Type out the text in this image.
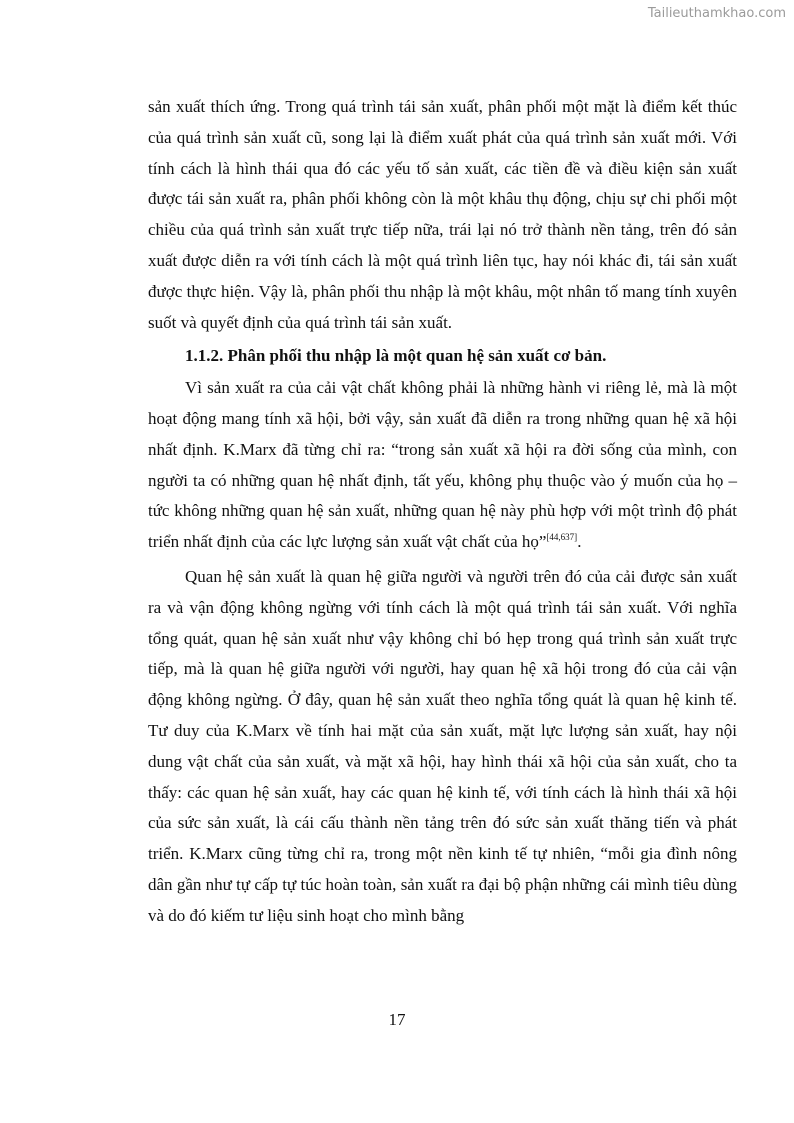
Tailieuthamkhao.com

sản xuất thích ứng. Trong quá trình tái sản xuất, phân phối một mặt là điểm kết thúc của quá trình sản xuất cũ, song lại là điểm xuất phát của quá trình sản xuất mới. Với tính cách là hình thái qua đó các yếu tố sản xuất, các tiền đề và điều kiện sản xuất được tái sản xuất ra, phân phối không còn là một khâu thụ động, chịu sự chi phối một chiều của quá trình sản xuất trực tiếp nữa, trái lại nó trở thành nền tảng, trên đó sản xuất được diễn ra với tính cách là một quá trình liên tục, hay nói khác đi, tái sản xuất được thực hiện. Vậy là, phân phối thu nhập là một khâu, một nhân tố mang tính xuyên suốt và quyết định của quá trình tái sản xuất.

1.1.2. Phân phối thu nhập là một quan hệ sản xuất cơ bản.

Vì sản xuất ra của cải vật chất không phải là những hành vi riêng lẻ, mà là một hoạt động mang tính xã hội, bởi vậy, sản xuất đã diễn ra trong những quan hệ xã hội nhất định. K.Marx đã từng chỉ ra: “trong sản xuất xã hội ra đời sống của mình, con người ta có những quan hệ nhất định, tất yếu, không phụ thuộc vào ý muốn của họ – tức không những quan hệ sản xuất, những quan hệ này phù hợp với một trình độ phát triển nhất định của các lực lượng sản xuất vật chất của họ”[44,637].

Quan hệ sản xuất là quan hệ giữa người và người trên đó của cải được sản xuất ra và vận động không ngừng với tính cách là một quá trình tái sản xuất. Với nghĩa tổng quát, quan hệ sản xuất như vậy không chỉ bó hẹp trong quá trình sản xuất trực tiếp, mà là quan hệ giữa người với người, hay quan hệ xã hội trong đó của cải vận động không ngừng. Ở đây, quan hệ sản xuất theo nghĩa tổng quát là quan hệ kinh tế. Tư duy của K.Marx về tính hai mặt của sản xuất, mặt lực lượng sản xuất, hay nội dung vật chất của sản xuất, và mặt xã hội, hay hình thái xã hội của sản xuất, cho ta thấy: các quan hệ sản xuất, hay các quan hệ kinh tế, với tính cách là hình thái xã hội của sức sản xuất, là cái cấu thành nền tảng trên đó sức sản xuất thăng tiến và phát triển. K.Marx cũng từng chỉ ra, trong một nền kinh tế tự nhiên, “mỗi gia đình nông dân gần như tự cấp tự túc hoàn toàn, sản xuất ra đại bộ phận những cái mình tiêu dùng và do đó kiếm tư liệu sinh hoạt cho mình bằng

17
